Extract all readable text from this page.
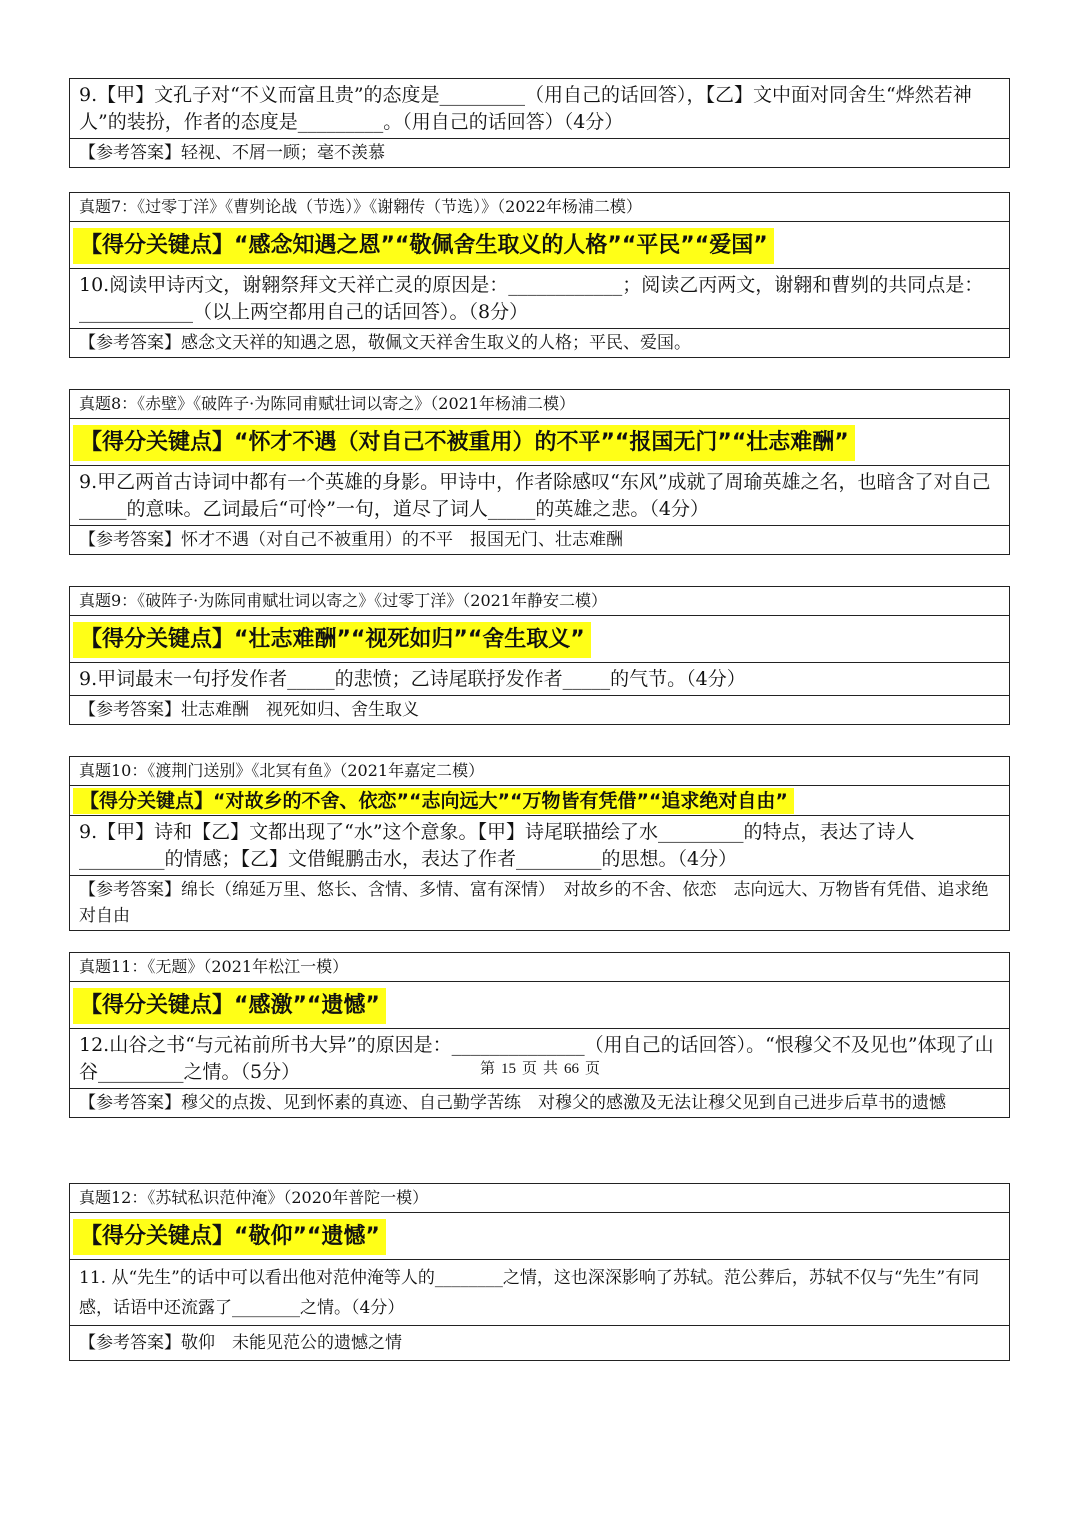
9.【甲】文孔子对“不义而富且贵”的态度是_________（用自己的话回答），【乙】文中面对同舍生“烨然若神人”的装扮，作者的态度是_________。（用自己的话回答）（4分）
【参考答案】轻视、不屑一顾；毫不羡慕
真题7：《过零丁洋》《曹刿论战（节选）》《谢翱传（节选）》（2022年杨浦二模）
【得分关键点】“感念知遇之恩”“敬佩舍生取义的人格”“平民”“爱国”
10.阅读甲诗丙文，谢翱祭拜文天祥亡灵的原因是：____________；阅读乙丙两文，谢翱和曹刿的共同点是：____________（以上两空都用自己的话回答）。（8分）
【参考答案】感念文天祥的知遇之恩，敬佩文天祥舍生取义的人格；平民、爱国。
真题8：《赤壁》《破阵子·为陈同甫赋壮词以寄之》（2021年杨浦二模）
【得分关键点】“怀才不遇（对自己不被重用）的不平”“报国无门”“壮志难酬”
9.甲乙两首古诗词中都有一个英雄的身影。甲诗中，作者除感叹“东风”成就了周瑜英雄之名，也暗含了对自己_____的意味。乙词最后“可怜”一句，道尽了词人_____的英雄之悲。（4分）
【参考答案】怀才不遇（对自己不被重用）的不平　报国无门、壮志难酬
真题9：《破阵子·为陈同甫赋壮词以寄之》《过零丁洋》（2021年静安二模）
【得分关键点】“壮志难酬”“视死如归”“舍生取义”
9.甲词最末一句抒发作者_____的悲愤；乙诗尾联抒发作者_____的气节。（4分）
【参考答案】壮志难酬　视死如归、舍生取义
真题10：《渡荆门送别》《北冥有鱼》（2021年嘉定二模）
【得分关键点】“对故乡的不舍、依恋”“志向远大”“万物皆有凭借”“追求绝对自由”
9.【甲】诗和【乙】文都出现了“水”这个意象。【甲】诗尾联描绘了水_________的特点，表达了诗人_________的情感；【乙】文借鲲鹏击水，表达了作者_________的思想。（4分）
【参考答案】绵长（绵延万里、悠长、含情、多情、富有深情）　对故乡的不舍、依恋　志向远大、万物皆有凭借、追求绝对自由
真题11：《无题》（2021年松江一模）
【得分关键点】“感激”“遗憾”
12.山谷之书“与元祐前所书大异”的原因是：______________（用自己的话回答）。“恨穆父不及见也”体现了山谷_________之情。（5分）
【参考答案】穆父的点拨、见到怀素的真迹、自己勤学苦练　对穆父的感激及无法让穆父见到自己进步后草书的遗憾
真题12：《苏轼私识范仲淹》（2020年普陀一模）
【得分关键点】“敬仰”“遗憾”
11. 从“先生”的话中可以看出他对范仲淹等人的________之情，这也深深影响了苏轼。范公葬后，苏轼不仅与“先生”有同感，话语中还流露了________之情。（4分）
【参考答案】敬仰　未能见范公的遗憾之情
第 15 页 共 66 页
